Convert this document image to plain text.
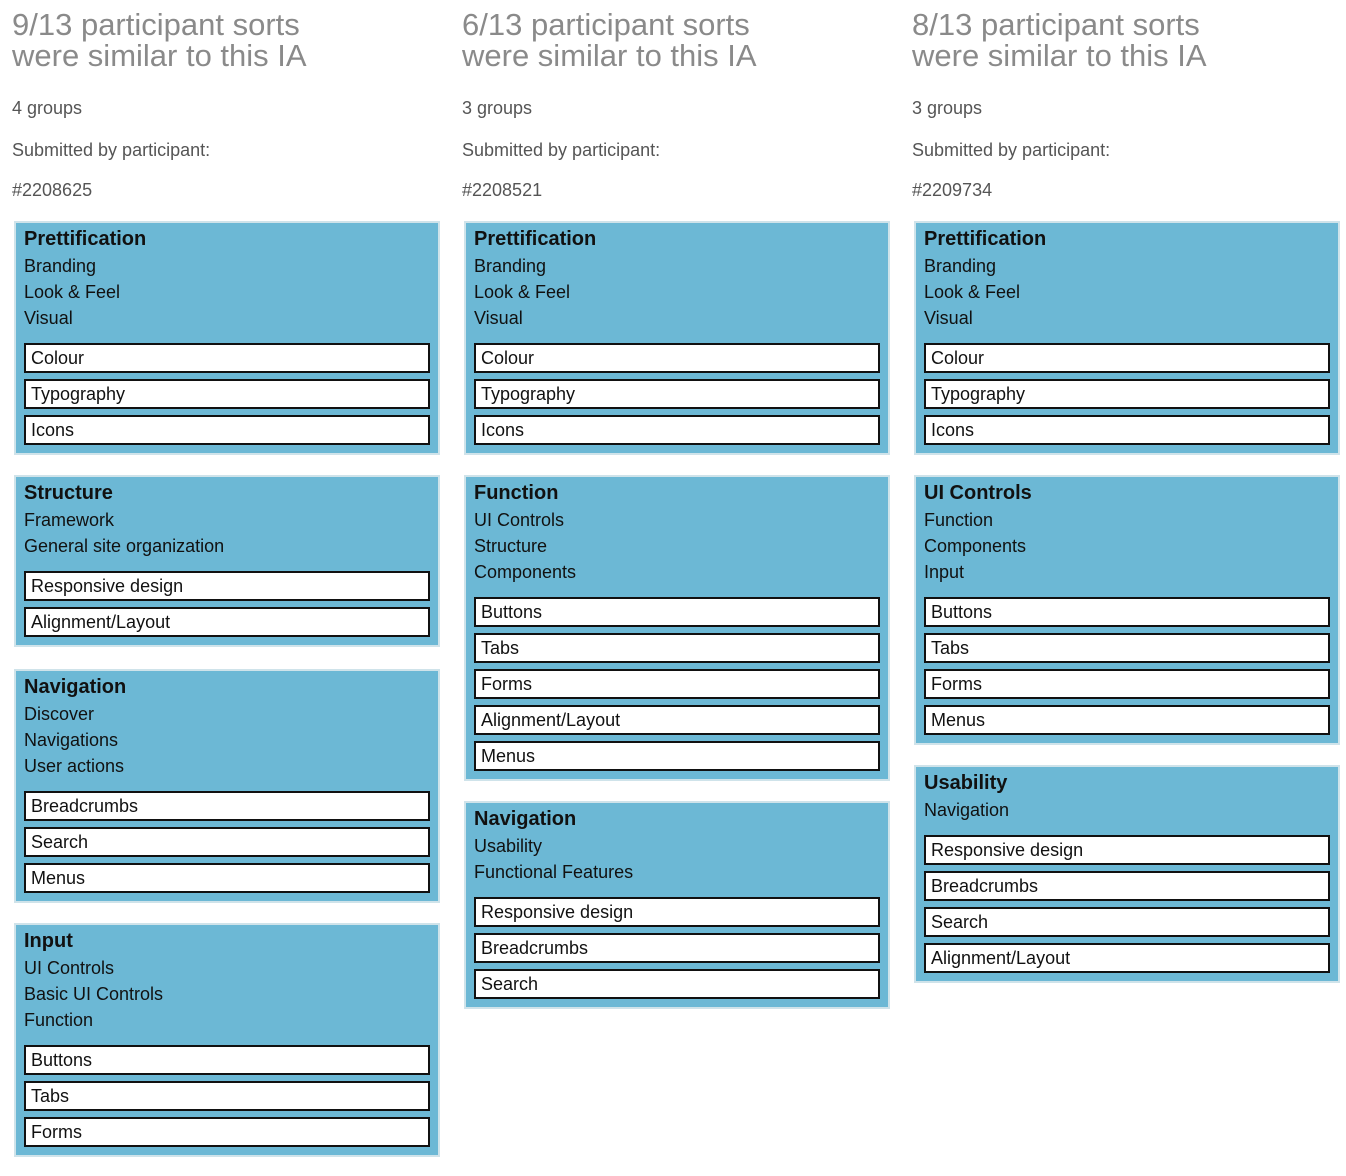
9/13 participant sorts
were similar to this IA
4 groups
Submitted by participant:
#2208625
Prettification
Branding
Look & Feel
Visual
Colour
Typography
Icons
Structure
Framework
General site organization
Responsive design
Alignment/Layout
Navigation
Discover
Navigations
User actions
Breadcrumbs
Search
Menus
Input
UI Controls
Basic UI Controls
Function
Buttons
Tabs
Forms
6/13 participant sorts
were similar to this IA
3 groups
Submitted by participant:
#2208521
Prettification
Branding
Look & Feel
Visual
Colour
Typography
Icons
Function
UI Controls
Structure
Components
Buttons
Tabs
Forms
Alignment/Layout
Menus
Navigation
Usability
Functional Features
Responsive design
Breadcrumbs
Search
8/13 participant sorts
were similar to this IA
3 groups
Submitted by participant:
#2209734
Prettification
Branding
Look & Feel
Visual
Colour
Typography
Icons
UI Controls
Function
Components
Input
Buttons
Tabs
Forms
Menus
Usability
Navigation
Responsive design
Breadcrumbs
Search
Alignment/Layout
